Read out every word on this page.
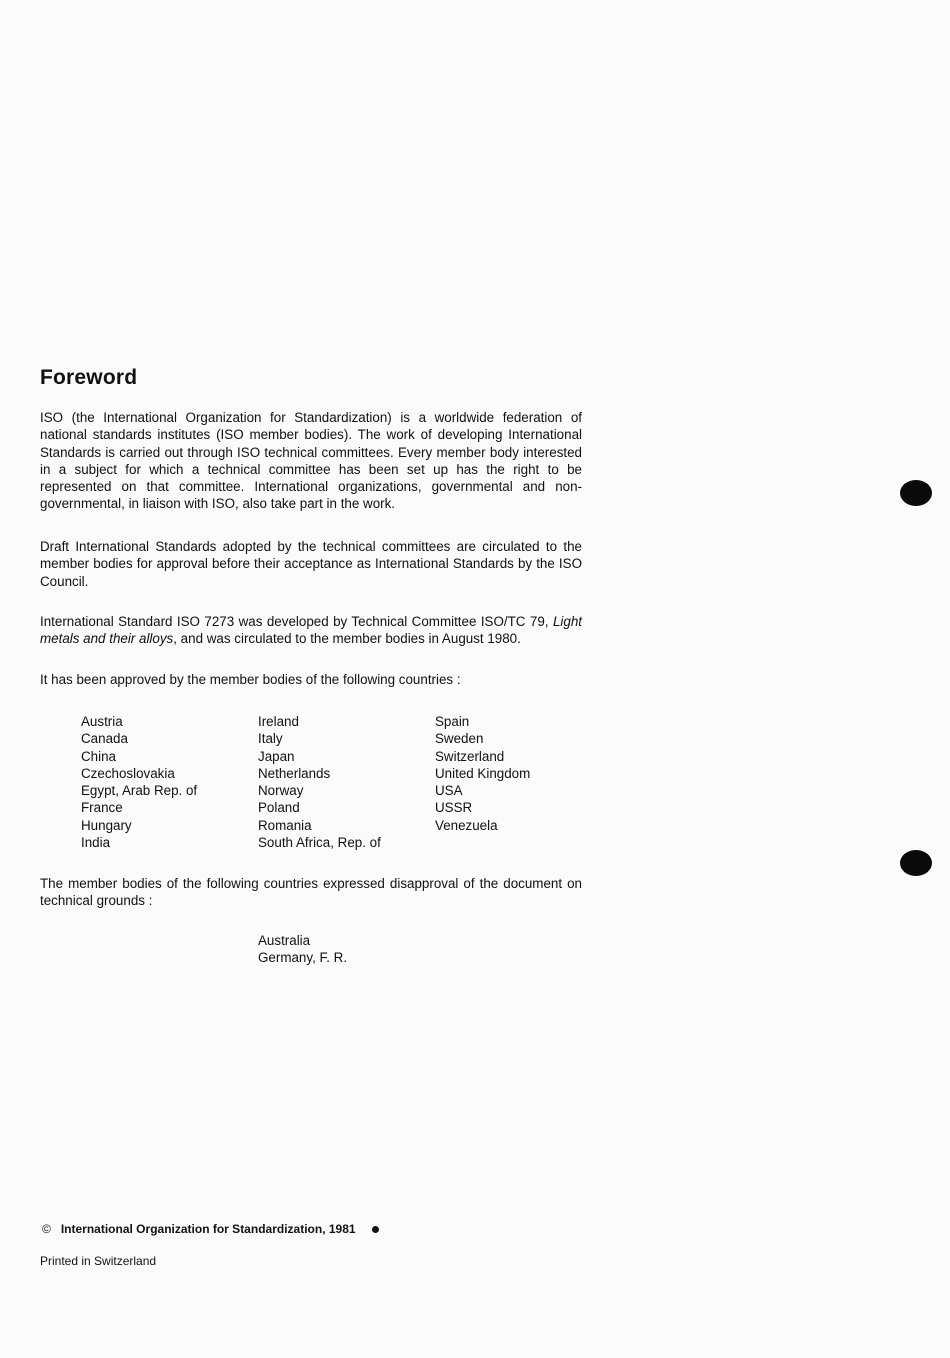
Foreword

ISO (the International Organization for Standardization) is a worldwide federation of national standards institutes (ISO member bodies). The work of developing International Standards is carried out through ISO technical committees. Every member body interested in a subject for which a technical committee has been set up has the right to be represented on that committee. International organizations, governmental and non-governmental, in liaison with ISO, also take part in the work.

Draft International Standards adopted by the technical committees are circulated to the member bodies for approval before their acceptance as International Standards by the ISO Council.

International Standard ISO 7273 was developed by Technical Committee ISO/TC 79, Light metals and their alloys, and was circulated to the member bodies in August 1980.

It has been approved by the member bodies of the following countries :

Austria
Canada
China
Czechoslovakia
Egypt, Arab Rep. of
France
Hungary
India
Ireland
Italy
Japan
Netherlands
Norway
Poland
Romania
South Africa, Rep. of
Spain
Sweden
Switzerland
United Kingdom
USA
USSR
Venezuela

The member bodies of the following countries expressed disapproval of the document on technical grounds :

Australia
Germany, F. R.
© International Organization for Standardization, 1981
Printed in Switzerland
